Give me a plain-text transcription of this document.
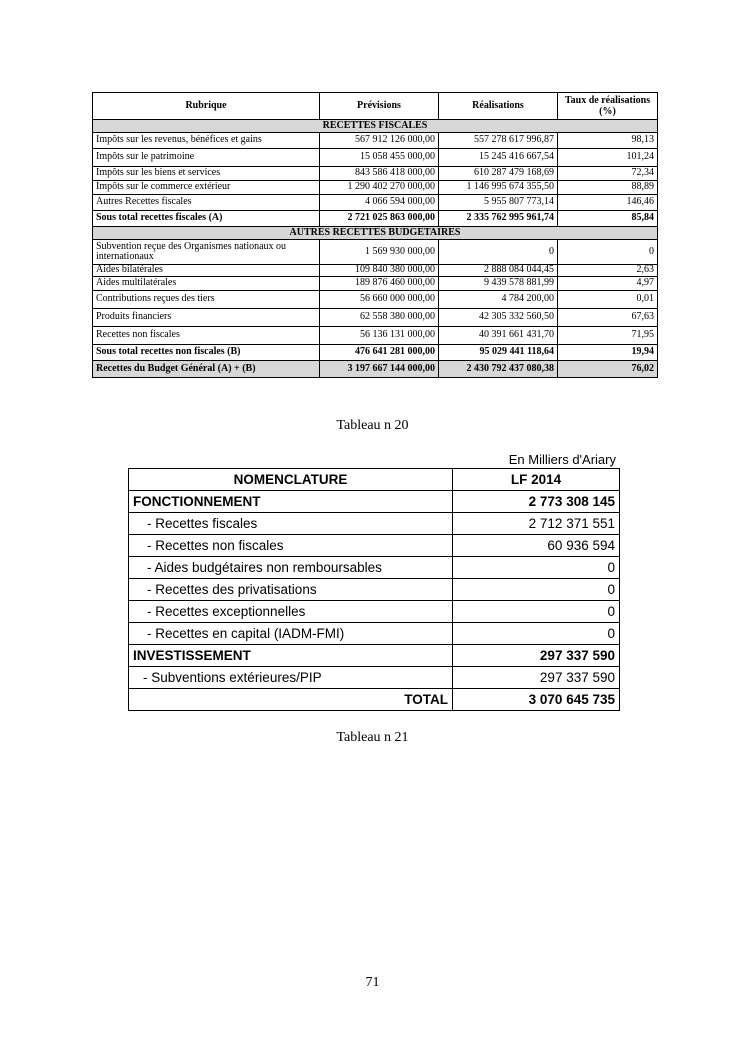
Rubrique	Prévisions	Réalisations	Taux de réalisations (%)
RECETTES FISCALES			
Impôts sur les revenus, bénéfices et gains	567 912 126 000,00	557 278 617 996,87	98,13
Impôts sur le patrimoine	15 058 455 000,00	15 245 416 667,54	101,24
Impôts sur les biens et services	843 586 418 000,00	610 287 479 168,69	72,34
Impôts sur le commerce extérieur	1 290 402 270 000,00	1 146 995 674 355,50	88,89
Autres Recettes fiscales	4 066 594 000,00	5 955 807 773,14	146,46
Sous total recettes fiscales (A)	2 721 025 863 000,00	2 335 762 995 961,74	85,84
AUTRES RECETTES BUDGETAIRES			
Subvention reçue des Organismes nationaux ou internationaux	1 569 930 000,00	0	0
Aides bilatérales	109 840 380 000,00	2 888 084 044,45	2,63
Aides multilatérales	189 876 460 000,00	9 439 578 881,99	4,97
Contributions reçues des tiers	56 660 000 000,00	4 784 200,00	0,01
Produits financiers	62 558 380 000,00	42 305 332 560,50	67,63
Recettes non fiscales	56 136 131 000,00	40 391 661 431,70	71,95
Sous total recettes non fiscales (B)	476 641 281 000,00	95 029 441 118,64	19,94
Recettes du Budget Général (A) + (B)	3 197 667 144 000,00	2 430 792 437 080,38	76,02
Tableau n 20
En Milliers d'Ariary
NOMENCLATURE	LF 2014
FONCTIONNEMENT	2 773 308 145
- Recettes fiscales	2 712 371 551
- Recettes non fiscales	60 936 594
- Aides budgétaires non remboursables	0
- Recettes des privatisations	0
- Recettes exceptionnelles	0
- Recettes en capital (IADM-FMI)	0
INVESTISSEMENT	297 337 590
- Subventions extérieures/PIP	297 337 590
TOTAL	3 070 645 735
Tableau n 21
71
